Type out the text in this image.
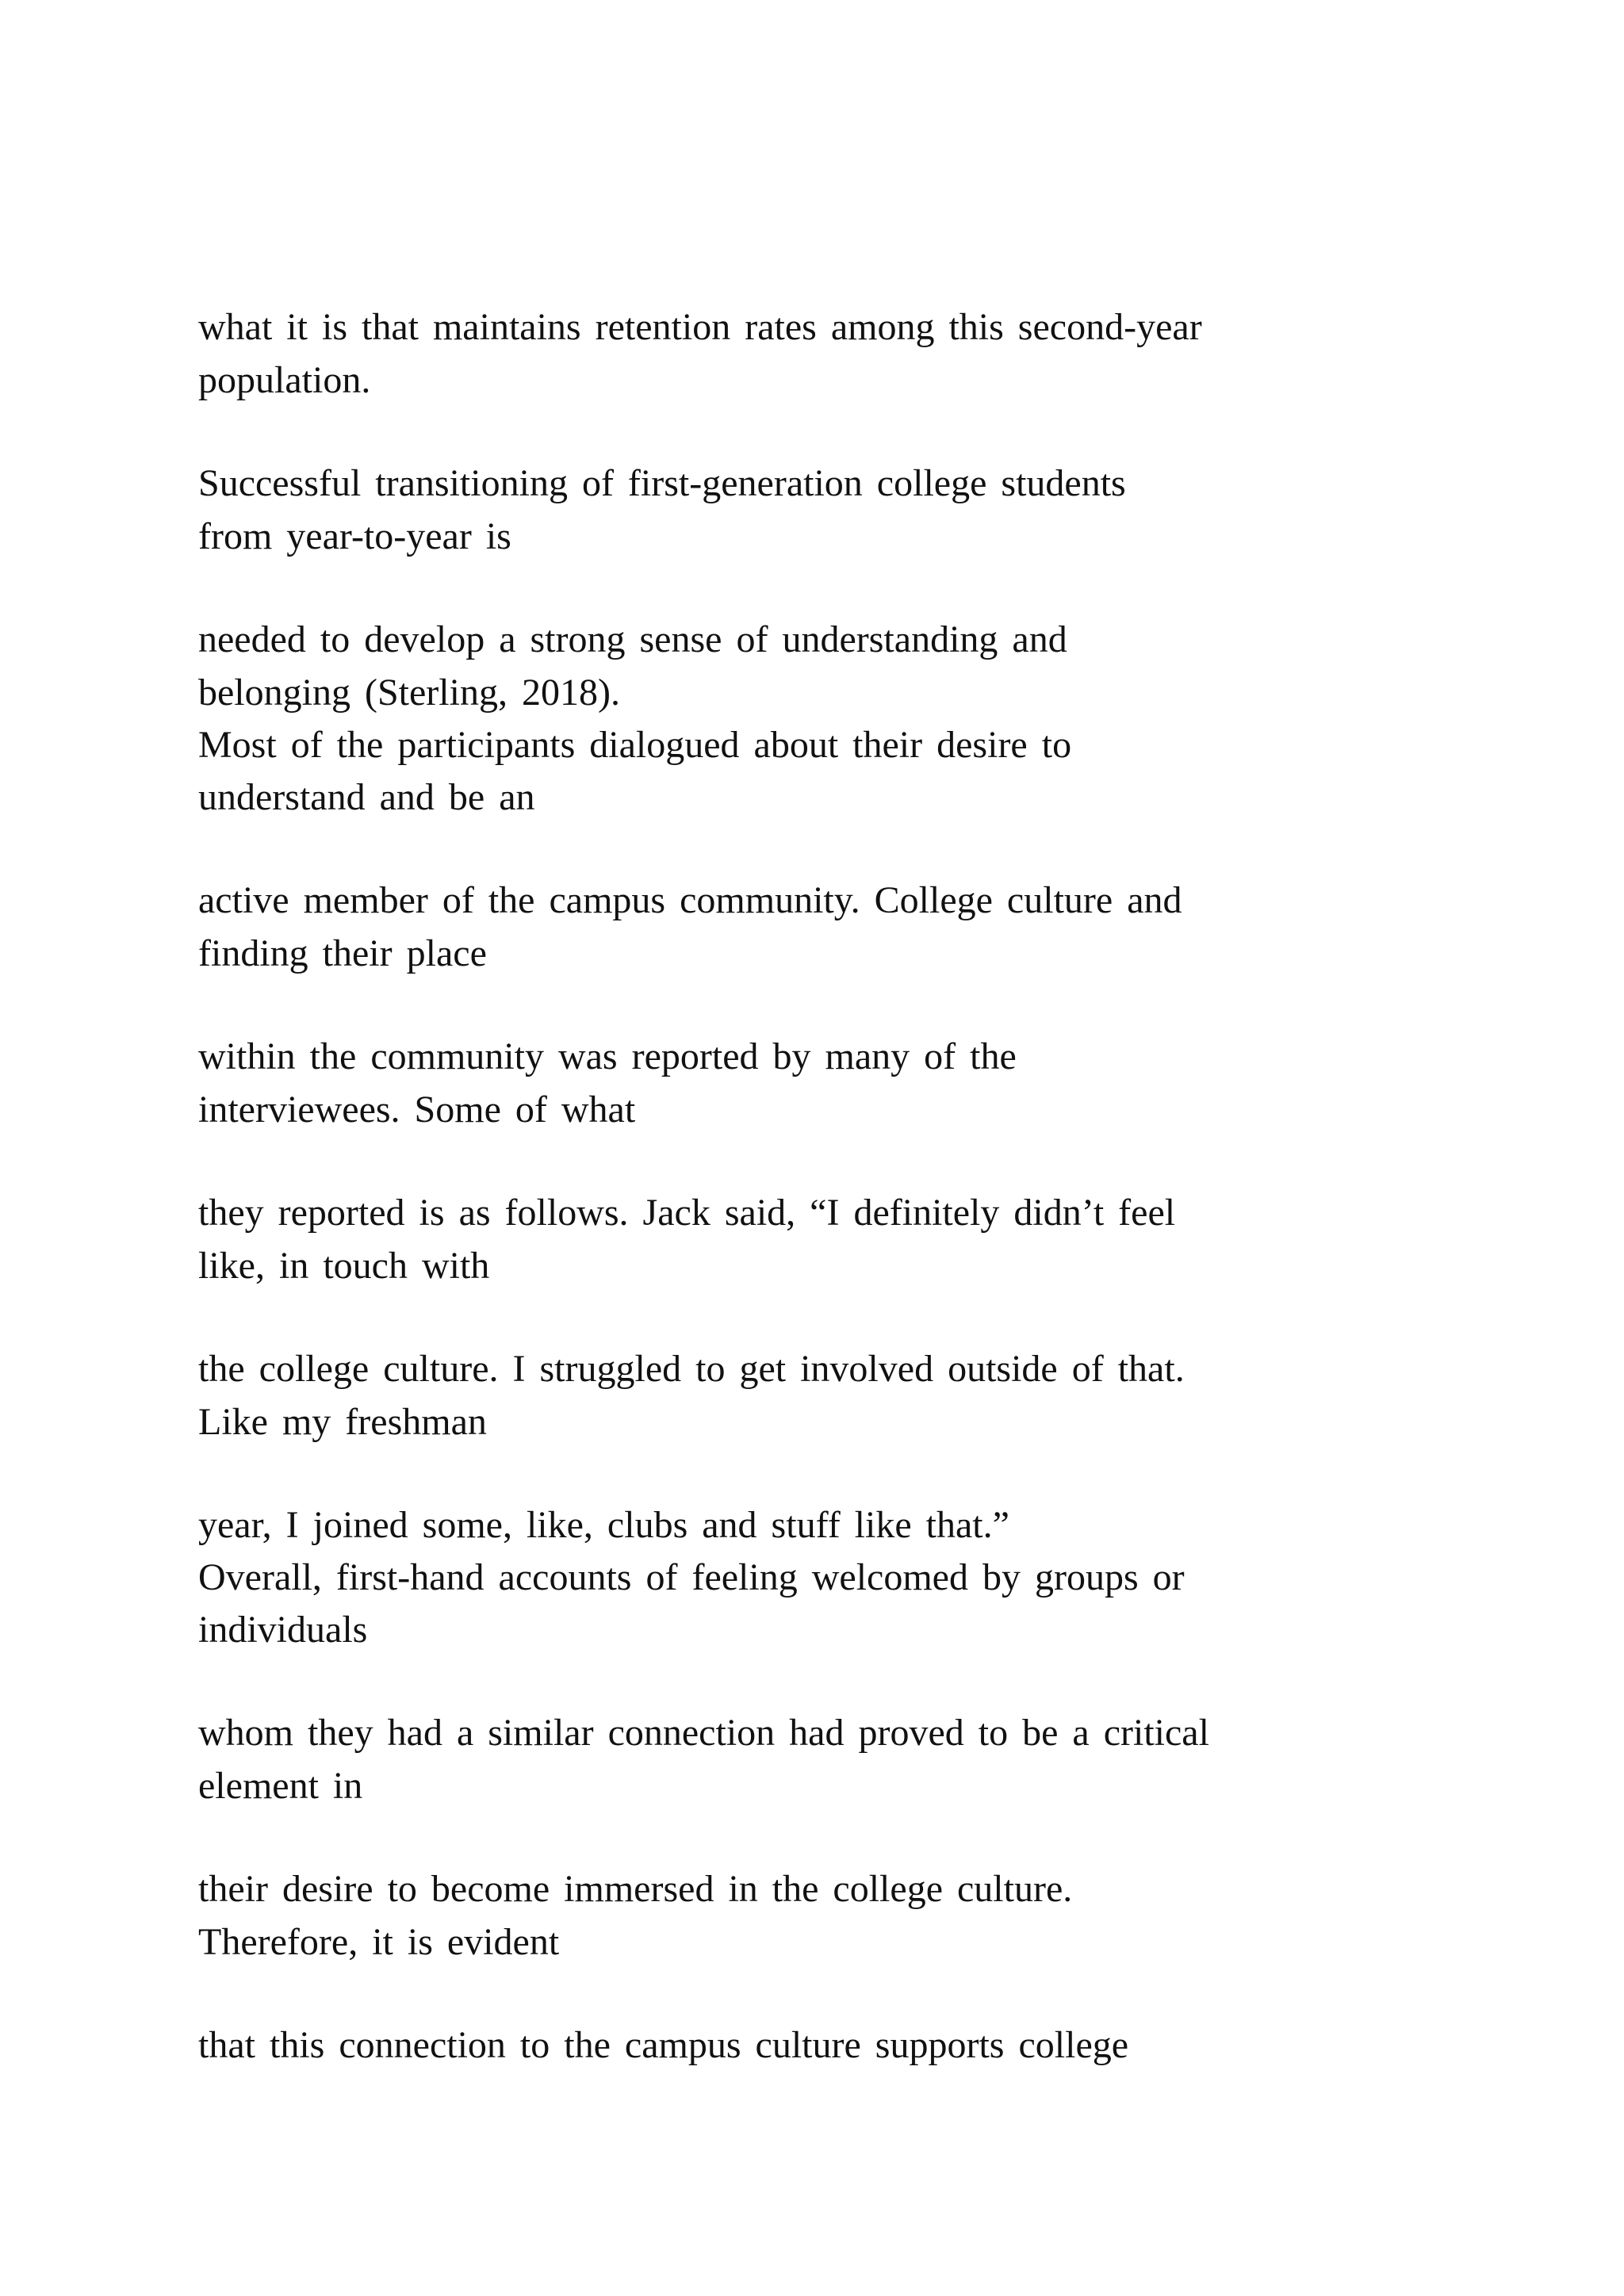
what it is that maintains retention rates among this second-year

population.

Successful transitioning of first-generation college students

from year-to-year is

needed to develop a strong sense of understanding and

belonging (Sterling, 2018).

Most of the participants dialogued about their desire to

understand and be an

active member of the campus community. College culture and

finding their place

within the community was reported by many of the

interviewees. Some of what

they reported is as follows. Jack said, “I definitely didn’t feel

like, in touch with

the college culture. I struggled to get involved outside of that.

Like my freshman

year, I joined some, like, clubs and stuff like that.”

Overall, first-hand accounts of feeling welcomed by groups or

individuals

whom they had a similar connection had proved to be a critical

element in

their desire to become immersed in the college culture.

Therefore, it is evident

that this connection to the campus culture supports college
